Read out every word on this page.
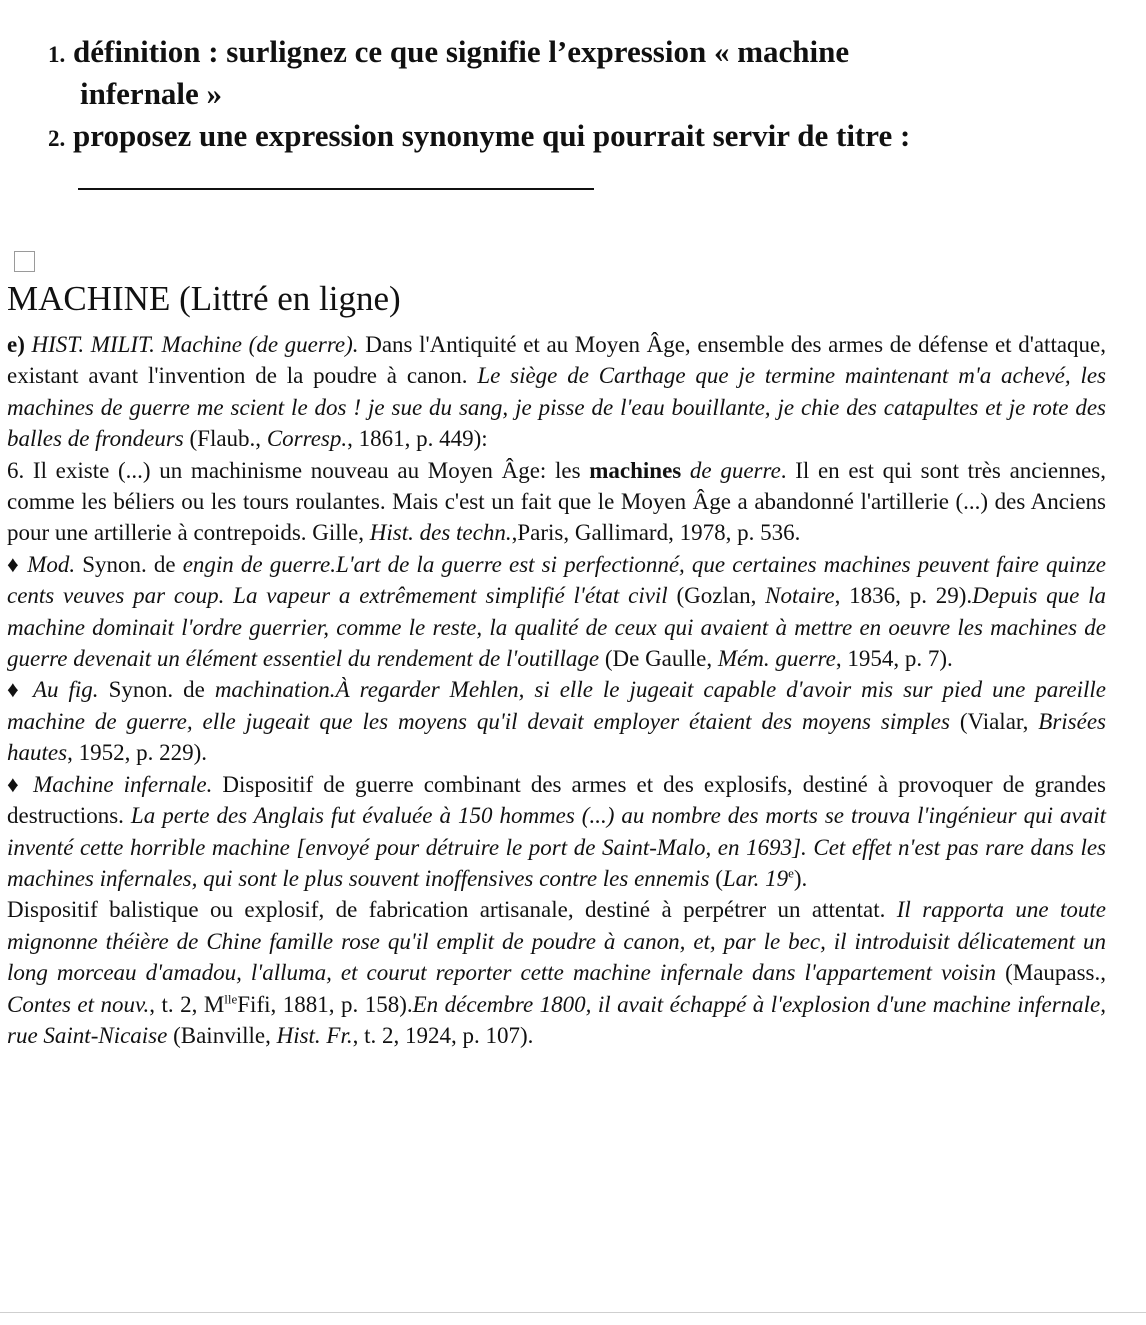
1. définition : surlignez ce que signifie l’expression « machine
infernale »
2. proposez une expression synonyme qui pourrait servir de titre :
MACHINE (Littré en ligne)

e) HIST. MILIT. Machine (de guerre). Dans l'Antiquité et au Moyen Âge, ensemble des armes de défense et d'attaque, existant avant l'invention de la poudre à canon. Le siège de Carthage que je termine maintenant m'a achevé, les machines de guerre me scient le dos ! je sue du sang, je pisse de l'eau bouillante, je chie des catapultes et je rote des balles de frondeurs (Flaub., Corresp., 1861, p. 449):

6. Il existe (...) un machinisme nouveau au Moyen Âge: les machines de guerre. Il en est qui sont très anciennes, comme les béliers ou les tours roulantes. Mais c'est un fait que le Moyen Âge a abandonné l'artillerie (...) des Anciens pour une artillerie à contrepoids. Gille, Hist. des techn.,Paris, Gallimard, 1978, p. 536.

♦ Mod. Synon. de engin de guerre.L'art de la guerre est si perfectionné, que certaines machines peuvent faire quinze cents veuves par coup. La vapeur a extrêmement simplifié l'état civil (Gozlan, Notaire, 1836, p. 29).Depuis que la machine dominait l'ordre guerrier, comme le reste, la qualité de ceux qui avaient à mettre en oeuvre les machines de guerre devenait un élément essentiel du rendement de l'outillage (De Gaulle, Mém. guerre, 1954, p. 7).

♦ Au fig. Synon. de machination.À regarder Mehlen, si elle le jugeait capable d'avoir mis sur pied une pareille machine de guerre, elle jugeait que les moyens qu'il devait employer étaient des moyens simples (Vialar, Brisées hautes, 1952, p. 229).

♦ Machine infernale. Dispositif de guerre combinant des armes et des explosifs, destiné à provoquer de grandes destructions. La perte des Anglais fut évaluée à 150 hommes (...) au nombre des morts se trouva l'ingénieur qui avait inventé cette horrible machine [envoyé pour détruire le port de Saint-Malo, en 1693]. Cet effet n'est pas rare dans les machines infernales, qui sont le plus souvent inoffensives contre les ennemis (Lar. 19e).

Dispositif balistique ou explosif, de fabrication artisanale, destiné à perpétrer un attentat. Il rapporta une toute mignonne théière de Chine famille rose qu'il emplit de poudre à canon, et, par le bec, il introduisit délicatement un long morceau d'amadou, l'alluma, et courut reporter cette machine infernale dans l'appartement voisin (Maupass., Contes et nouv., t. 2, $M^{lle}Fifi$, 1881, p. 158).En décembre 1800, il avait échappé à l'explosion d'une machine infernale, rue Saint-Nicaise (Bainville, Hist. Fr., t. 2, 1924, p. 107).
